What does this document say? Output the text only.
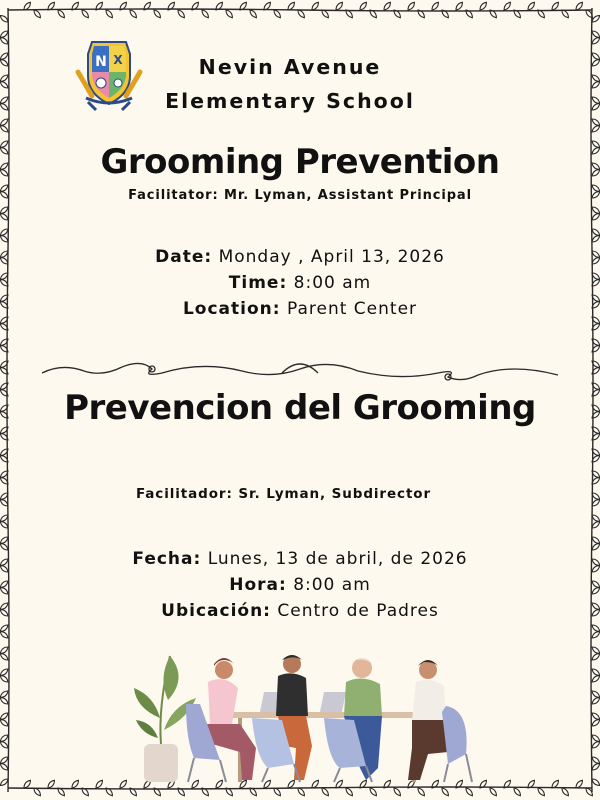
N X	Nevin Avenue
Elementary School
Grooming Prevention
Facilitator: Mr. Lyman, Assistant Principal
Date: Monday , April 13, 2026
Time: 8:00 am
Location: Parent Center
Prevencion del Grooming
Facilitador: Sr. Lyman, Subdirector
Fecha: Lunes, 13 de abril, de 2026
Hora: 8:00 am
Ubicación: Centro de Padres
